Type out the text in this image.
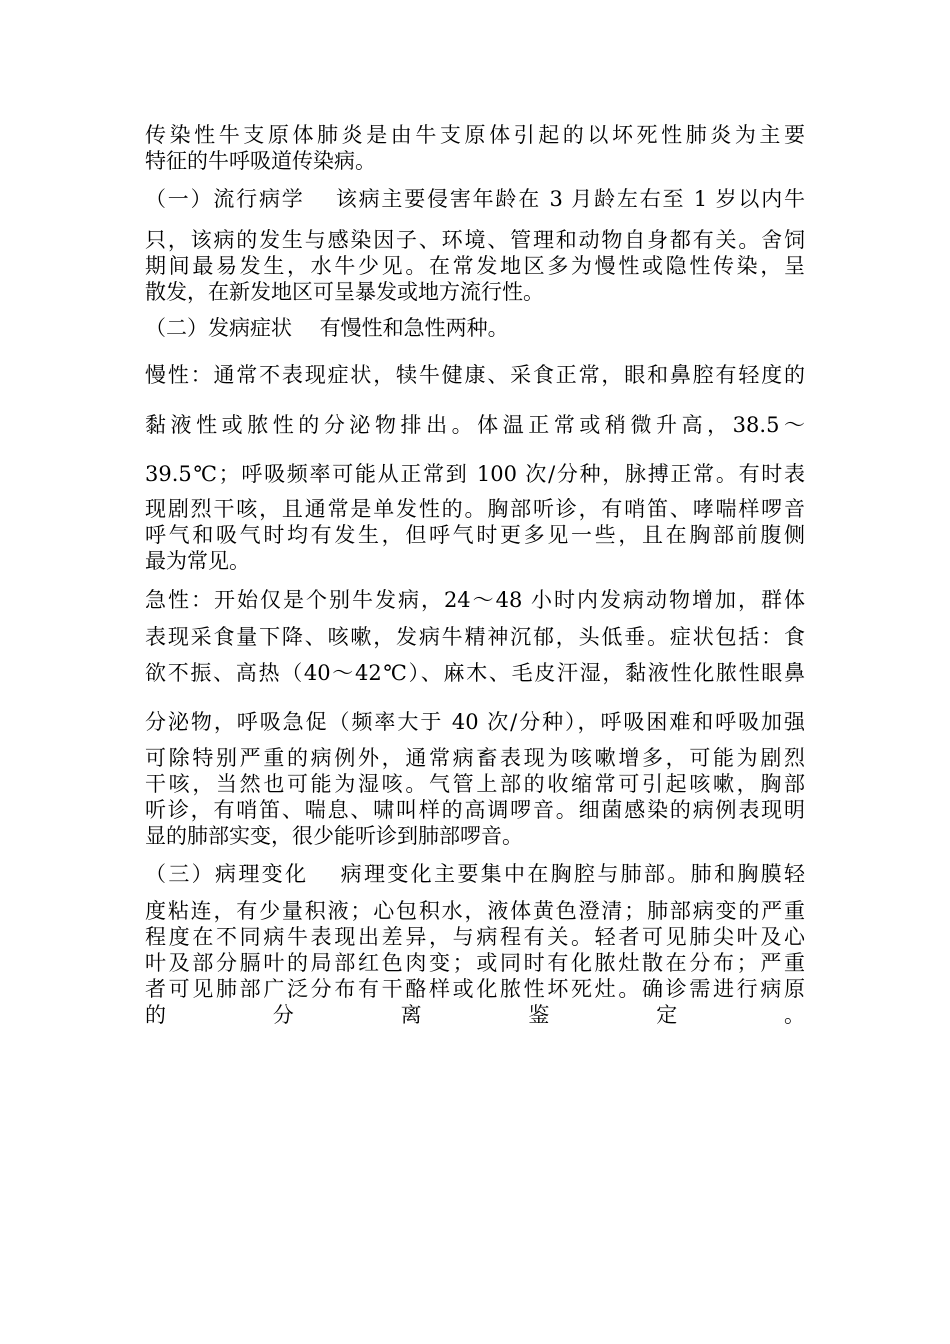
传染性牛支原体肺炎是由牛支原体引起的以坏死性肺炎为主要
特征的牛呼吸道传染病。
（一）流行病学　 该病主要侵害年龄在 3 月龄左右至 1 岁以内牛
只，该病的发生与感染因子、环境、管理和动物自身都有关。舍饲
期间最易发生，水牛少见。在常发地区多为慢性或隐性传染，呈
散发，在新发地区可呈暴发或地方流行性。
（二）发病症状　 有慢性和急性两种。
慢性：通常不表现症状，犊牛健康、采食正常，眼和鼻腔有轻度的
黏液性或脓性的分泌物排出。体温正常或稍微升高，38.5～
39.5℃；呼吸频率可能从正常到 100 次/分种，脉搏正常。有时表
现剧烈干咳，且通常是单发性的。胸部听诊，有哨笛、哮喘样啰音
呼气和吸气时均有发生，但呼气时更多见一些，且在胸部前腹侧
最为常见。
急性：开始仅是个别牛发病，24～48 小时内发病动物增加，群体
表现采食量下降、咳嗽，发病牛精神沉郁，头低垂。症状包括：食
欲不振、高热（40～42℃）、麻木、毛皮汗湿，黏液性化脓性眼鼻
分泌物，呼吸急促（频率大于 40 次/分种），呼吸困难和呼吸加强
可除特别严重的病例外，通常病畜表现为咳嗽增多，可能为剧烈
干咳，当然也可能为湿咳。气管上部的收缩常可引起咳嗽，胸部
听诊，有哨笛、喘息、啸叫样的高调啰音。细菌感染的病例表现明
显的肺部实变，很少能听诊到肺部啰音。
（三）病理变化　 病理变化主要集中在胸腔与肺部。肺和胸膜轻
度粘连，有少量积液；心包积水，液体黄色澄清；肺部病变的严重
程度在不同病牛表现出差异，与病程有关。轻者可见肺尖叶及心
叶及部分膈叶的局部红色肉变；或同时有化脓灶散在分布；严重
者可见肺部广泛分布有干酪样或化脓性坏死灶。确诊需进行病原
的　分　离　鉴　定　。
